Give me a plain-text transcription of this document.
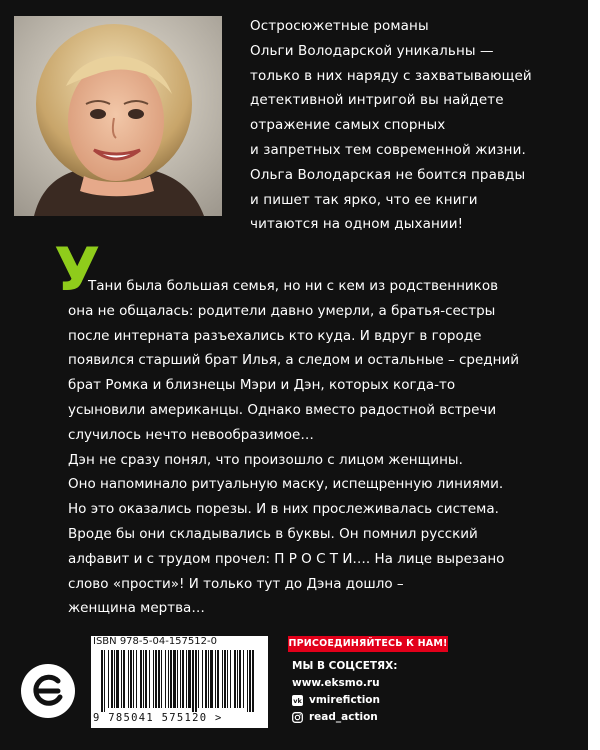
Остросюжетные романы
Ольги Володарской уникальны —
только в них наряду с захватывающей
детективной интригой вы найдете
отражение самых спорных
и запретных тем современной жизни.
Ольга Володарская не боится правды
и пишет так ярко, что ее книги
читаются на одном дыхании!
У
Тани была большая семья, но ни с кем из родственников
она не общалась: родители давно умерли, а братья-сестры
после интерната разъехались кто куда. И вдруг в городе
появился старший брат Илья, а следом и остальные – средний
брат Ромка и близнецы Мэри и Дэн, которых когда-то
усыновили американцы. Однако вместо радостной встречи
случилось нечто невообразимое…
Дэн не сразу понял, что произошло с лицом женщины.
Оно напоминало ритуальную маску, испещренную линиями.
Но это оказались порезы. И в них прослеживалась система.
Вроде бы они складывались в буквы. Он помнил русский
алфавит и с трудом прочел: П Р О С Т И…. На лице вырезано
слово «прости»! И только тут до Дэна дошло –
женщина мертва…
ISBN 978-5-04-157512-0
9 785041 575120 >
ПРИСОЕДИНЯЙТЕСЬ К НАМ!
МЫ В СОЦСЕТЯХ:
www.eksmo.ru
vk vmirefiction
read_action
